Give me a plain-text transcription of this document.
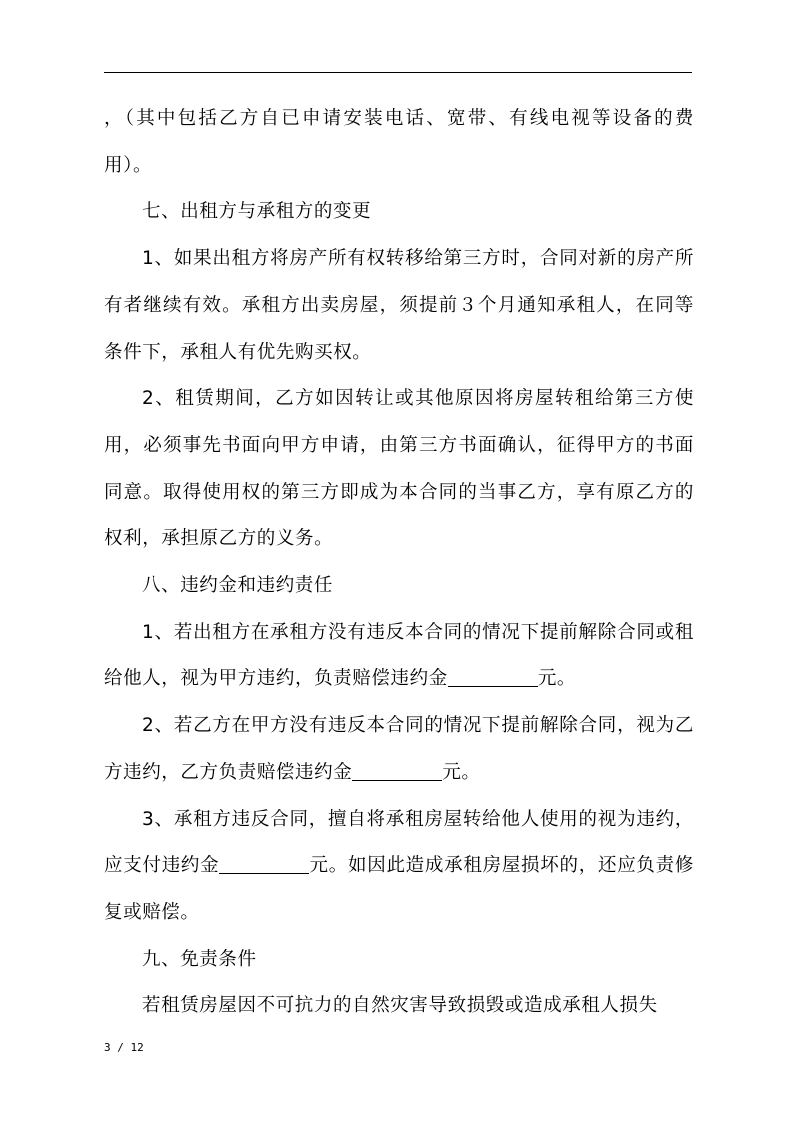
，（其中包括乙方自已申请安装电话、宽带、有线电视等设备的费用）。

七、出租方与承租方的变更

1、如果出租方将房产所有权转移给第三方时，合同对新的房产所有者继续有效。承租方出卖房屋，须提前３个月通知承租人，在同等条件下，承租人有优先购买权。

2、租赁期间，乙方如因转让或其他原因将房屋转租给第三方使用，必须事先书面向甲方申请，由第三方书面确认，征得甲方的书面同意。取得使用权的第三方即成为本合同的当事乙方，享有原乙方的权利，承担原乙方的义务。

八、违约金和违约责任

1、若出租方在承租方没有违反本合同的情况下提前解除合同或租给他人，视为甲方违约，负责赔偿违约金	元。

2、若乙方在甲方没有违反本合同的情况下提前解除合同，视为乙方违约，乙方负责赔偿违约金	元。

3、承租方违反合同，擅自将承租房屋转给他人使用的视为违约，应支付违约金	元。如因此造成承租房屋损坏的，还应负责修复或赔偿。

九、免责条件

若租赁房屋因不可抗力的自然灾害导致损毁或造成承租人损失

3 / 12
